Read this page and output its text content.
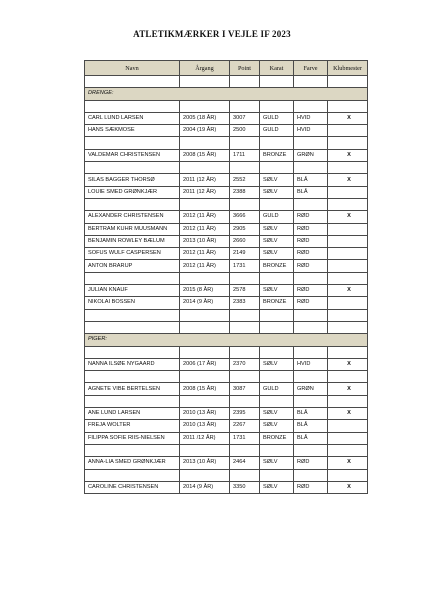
ATLETIKMÆRKER I VEJLE IF 2023
Navn	Årgang	Point	Karat	Farve	Klubmester

DRENGE:					

CARL LUND LARSEN	2005 (18 ÅR)	3007	GULD	HVID	X
HANS SÆKMOSE	2004 (19 ÅR)	2500	GULD	HVID	

VALDEMAR CHRISTENSEN	2008 (15 ÅR)	1711	BRONZE	GRØN	X

SILAS BAGGER THORSØ	2011 (12 ÅR)	2552	SØLV	BLÅ	X
LOUIE SMED GRØNKJÆR	2011 (12 ÅR)	2388	SØLV	BLÅ	

ALEXANDER CHRISTENSEN	2012 (11 ÅR)	3666	GULD	RØD	X
BERTRAM KUHR MUUSMANN	2012 (11 ÅR)	2905	SØLV	RØD	
BENJAMIN ROWLEY BÆLUM	2013 (10 ÅR)	2660	SØLV	RØD	
SOFUS WULF CASPERSEN	2012 (11 ÅR)	2149	SØLV	RØD	
ANTON BRARUP	2012 (11 ÅR)	1731	BRONZE	RØD	

JULIAN KNAUF	2015 (8 ÅR)	2578	SØLV	RØD	X
NIKOLAI BOSSEN	2014 (9 ÅR)	2383	BRONZE	RØD	

PIGER:					

NANNA ILSØE NYGAARD	2006 (17 ÅR)	2370	SØLV	HVID	X

AGNETE VIBE BERTELSEN	2008 (15 ÅR)	3087	GULD	GRØN	X

ANE LUND LARSEN	2010 (13 ÅR)	2395	SØLV	BLÅ	X
FREJA WOLTER	2010 (13 ÅR)	2267	SØLV	BLÅ	
FILIPPA SOFIE RIIS-NIELSEN	2011 /12 ÅR)	1731	BRONZE	BLÅ	

ANNA-LIA SMED GRØNKJÆR	2013 (10 ÅR)	2464	SØLV	RØD	X

CAROLINE CHRISTENSEN	2014 (9 ÅR)	3350	SØLV	RØD	X
